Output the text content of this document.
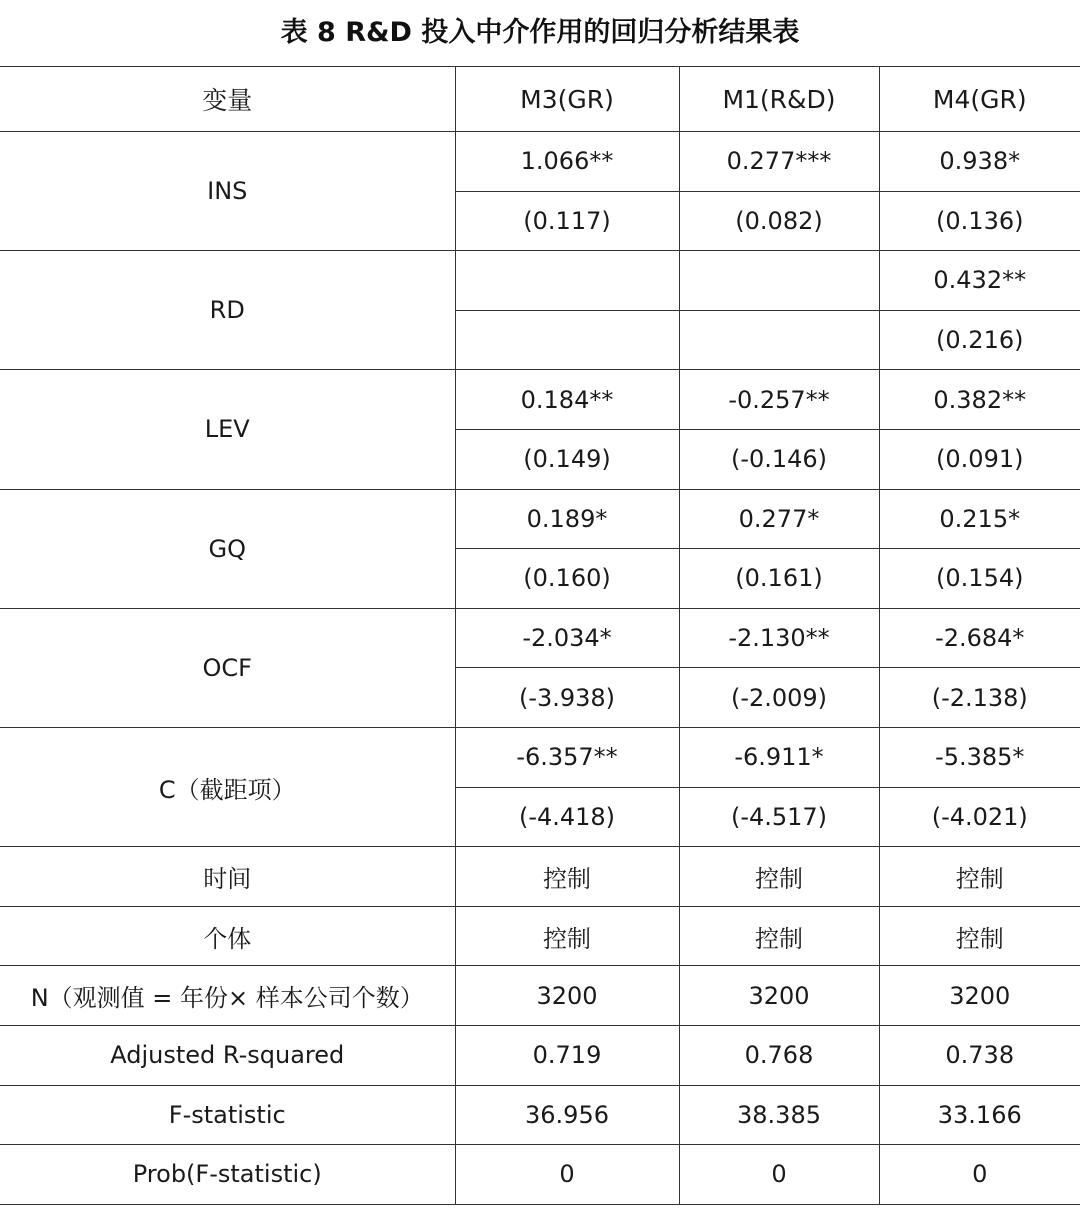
表 8 R&D 投入中介作用的回归分析结果表
变量	M3(GR)	M1(R&D)	M4(GR)
INS	1.066**	0.277***	0.938*
	(0.117)	(0.082)	(0.136)
RD			0.432**
			(0.216)
LEV	0.184**	-0.257**	0.382**
	(0.149)	(-0.146)	(0.091)
GQ	0.189*	0.277*	0.215*
	(0.160)	(0.161)	(0.154)
OCF	-2.034*	-2.130**	-2.684*
	(-3.938)	(-2.009)	(-2.138)
C（截距项）	-6.357**	-6.911*	-5.385*
	(-4.418)	(-4.517)	(-4.021)
时间	控制	控制	控制
个体	控制	控制	控制
N（观测值 = 年份× 样本公司个数）	3200	3200	3200
Adjusted R-squared	0.719	0.768	0.738
F-statistic	36.956	38.385	33.166
Prob(F-statistic)	0	0	0
